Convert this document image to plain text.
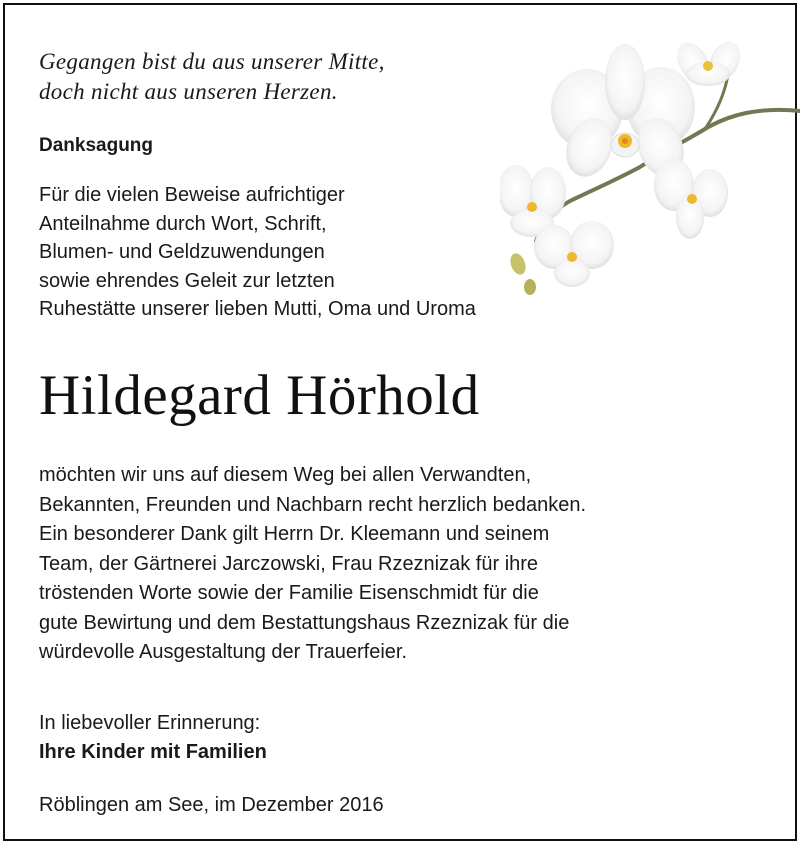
Gegangen bist du aus unserer Mitte,
doch nicht aus unseren Herzen.
Danksagung
Für die vielen Beweise aufrichtiger
Anteilnahme durch Wort, Schrift,
Blumen- und Geldzuwendungen
sowie ehrendes Geleit zur letzten
Ruhestätte unserer lieben Mutti, Oma und Uroma
Hildegard Hörhold
möchten wir uns auf diesem Weg bei allen Verwandten,
Bekannten, Freunden und Nachbarn recht herzlich bedanken.
Ein besonderer Dank gilt Herrn Dr. Kleemann und seinem
Team, der Gärtnerei Jarczowski, Frau Rzeznizak für ihre
tröstenden Worte sowie der Familie Eisenschmidt für die
gute Bewirtung und dem Bestattungshaus Rzeznizak für die
würdevolle Ausgestaltung der Trauerfeier.
In liebevoller Erinnerung:
Ihre Kinder mit Familien
Röblingen am See, im Dezember 2016
